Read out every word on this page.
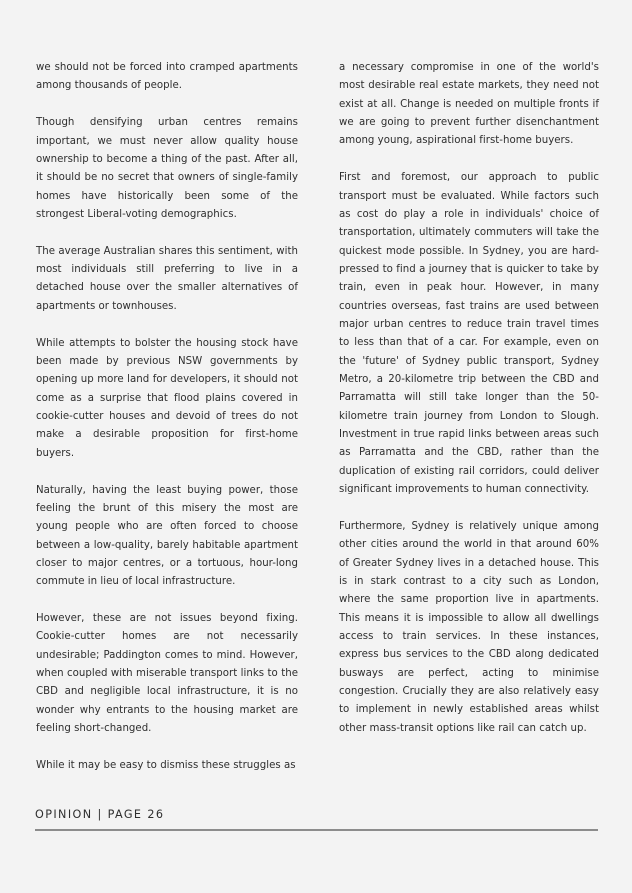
we should not be forced into cramped apartments among thousands of people.

Though densifying urban centres remains important, we must never allow quality house ownership to become a thing of the past. After all, it should be no secret that owners of single-family homes have historically been some of the strongest Liberal-voting demographics.

The average Australian shares this sentiment, with most individuals still preferring to live in a detached house over the smaller alternatives of apartments or townhouses.

While attempts to bolster the housing stock have been made by previous NSW governments by opening up more land for developers, it should not come as a surprise that flood plains covered in cookie-cutter houses and devoid of trees do not make a desirable proposition for first-home buyers.

Naturally, having the least buying power, those feeling the brunt of this misery the most are young people who are often forced to choose between a low-quality, barely habitable apartment closer to major centres, or a tortuous, hour-long commute in lieu of local infrastructure.

However, these are not issues beyond fixing. Cookie-cutter homes are not necessarily undesirable; Paddington comes to mind. However, when coupled with miserable transport links to the CBD and negligible local infrastructure, it is no wonder why entrants to the housing market are feeling short-changed.

While it may be easy to dismiss these struggles as

a necessary compromise in one of the world's most desirable real estate markets, they need not exist at all. Change is needed on multiple fronts if we are going to prevent further disenchantment among young, aspirational first-home buyers.

First and foremost, our approach to public transport must be evaluated. While factors such as cost do play a role in individuals' choice of transportation, ultimately commuters will take the quickest mode possible. In Sydney, you are hard-pressed to find a journey that is quicker to take by train, even in peak hour. However, in many countries overseas, fast trains are used between major urban centres to reduce train travel times to less than that of a car. For example, even on the 'future' of Sydney public transport, Sydney Metro, a 20-kilometre trip between the CBD and Parramatta will still take longer than the 50-kilometre train journey from London to Slough. Investment in true rapid links between areas such as Parramatta and the CBD, rather than the duplication of existing rail corridors, could deliver significant improvements to human connectivity.

Furthermore, Sydney is relatively unique among other cities around the world in that around 60% of Greater Sydney lives in a detached house. This is in stark contrast to a city such as London, where the same proportion live in apartments. This means it is impossible to allow all dwellings access to train services. In these instances, express bus services to the CBD along dedicated busways are perfect, acting to minimise congestion. Crucially they are also relatively easy to implement in newly established areas whilst other mass-transit options like rail can catch up.

OPINION | PAGE 26
